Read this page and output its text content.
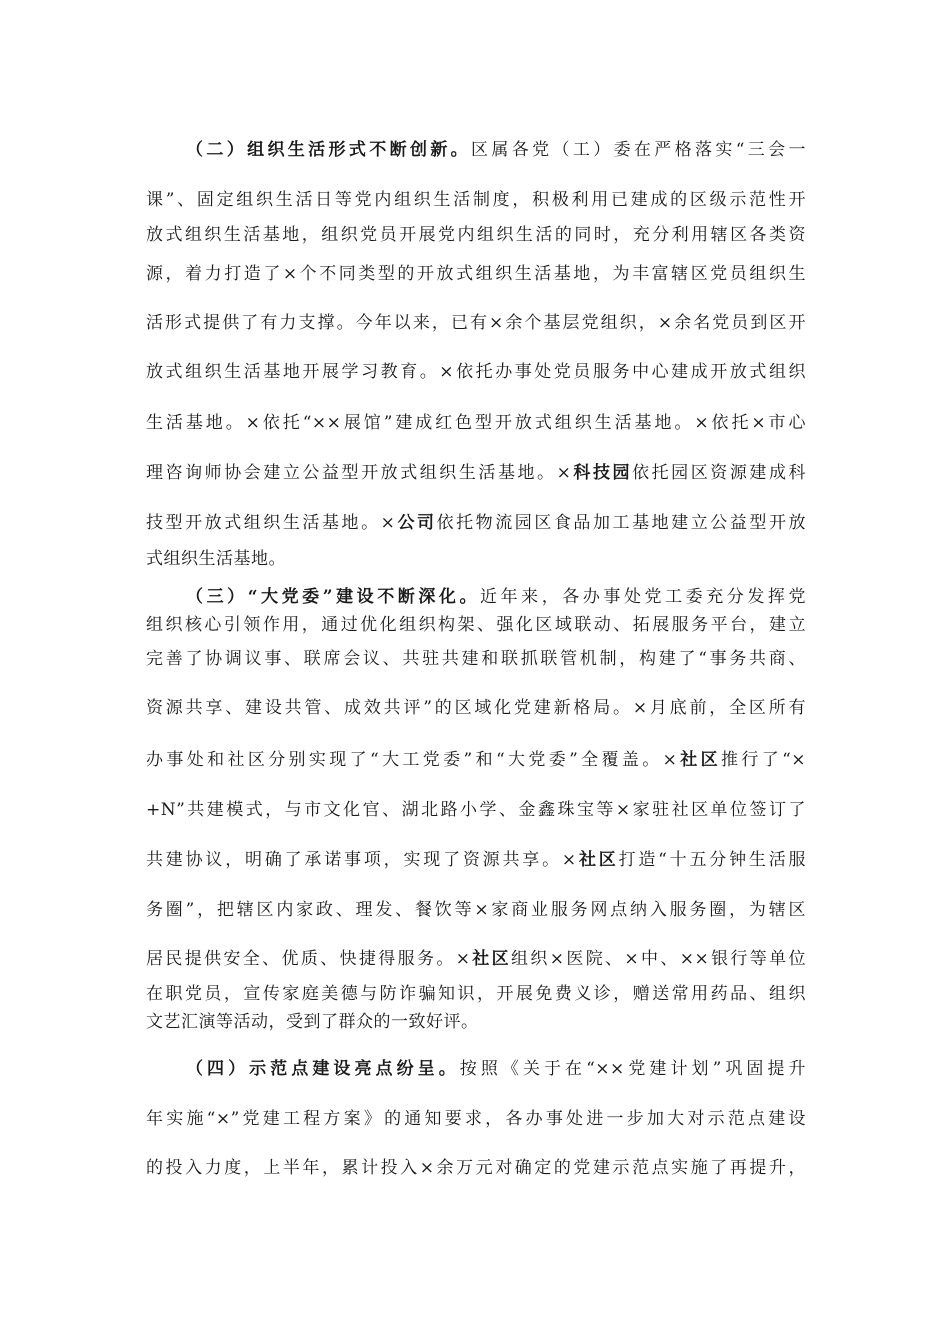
（二）组织生活形式不断创新。区属各党（工）委在严格落实“三会一
课”、固定组织生活日等党内组织生活制度，积极利用已建成的区级示范性开
放式组织生活基地，组织党员开展党内组织生活的同时，充分利用辖区各类资
源，着力打造了×个不同类型的开放式组织生活基地，为丰富辖区党员组织生
活形式提供了有力支撑。今年以来，已有×余个基层党组织，×余名党员到区开
放式组织生活基地开展学习教育。×依托办事处党员服务中心建成开放式组织
生活基地。×依托“××展馆”建成红色型开放式组织生活基地。×依托×市心
理咨询师协会建立公益型开放式组织生活基地。×科技园依托园区资源建成科
技型开放式组织生活基地。×公司依托物流园区食品加工基地建立公益型开放
式组织生活基地。
（三）“大党委”建设不断深化。近年来，各办事处党工委充分发挥党
组织核心引领作用，通过优化组织构架、强化区域联动、拓展服务平台，建立
完善了协调议事、联席会议、共驻共建和联抓联管机制，构建了“事务共商、
资源共享、建设共管、成效共评”的区域化党建新格局。×月底前，全区所有
办事处和社区分别实现了“大工党委”和“大党委”全覆盖。×社区推行了“×
+N”共建模式，与市文化官、湖北路小学、金鑫珠宝等×家驻社区单位签订了
共建协议，明确了承诺事项，实现了资源共享。×社区打造“十五分钟生活服
务圈”，把辖区内家政、理发、餐饮等×家商业服务网点纳入服务圈，为辖区
居民提供安全、优质、快捷得服务。×社区组织×医院、×中、××银行等单位
在职党员，宣传家庭美德与防诈骗知识，开展免费义诊，赠送常用药品、组织
文艺汇演等活动，受到了群众的一致好评。
（四）示范点建设亮点纷呈。按照《关于在“××党建计划”巩固提升
年实施“×”党建工程方案》的通知要求，各办事处进一步加大对示范点建设
的投入力度，上半年，累计投入×余万元对确定的党建示范点实施了再提升，
